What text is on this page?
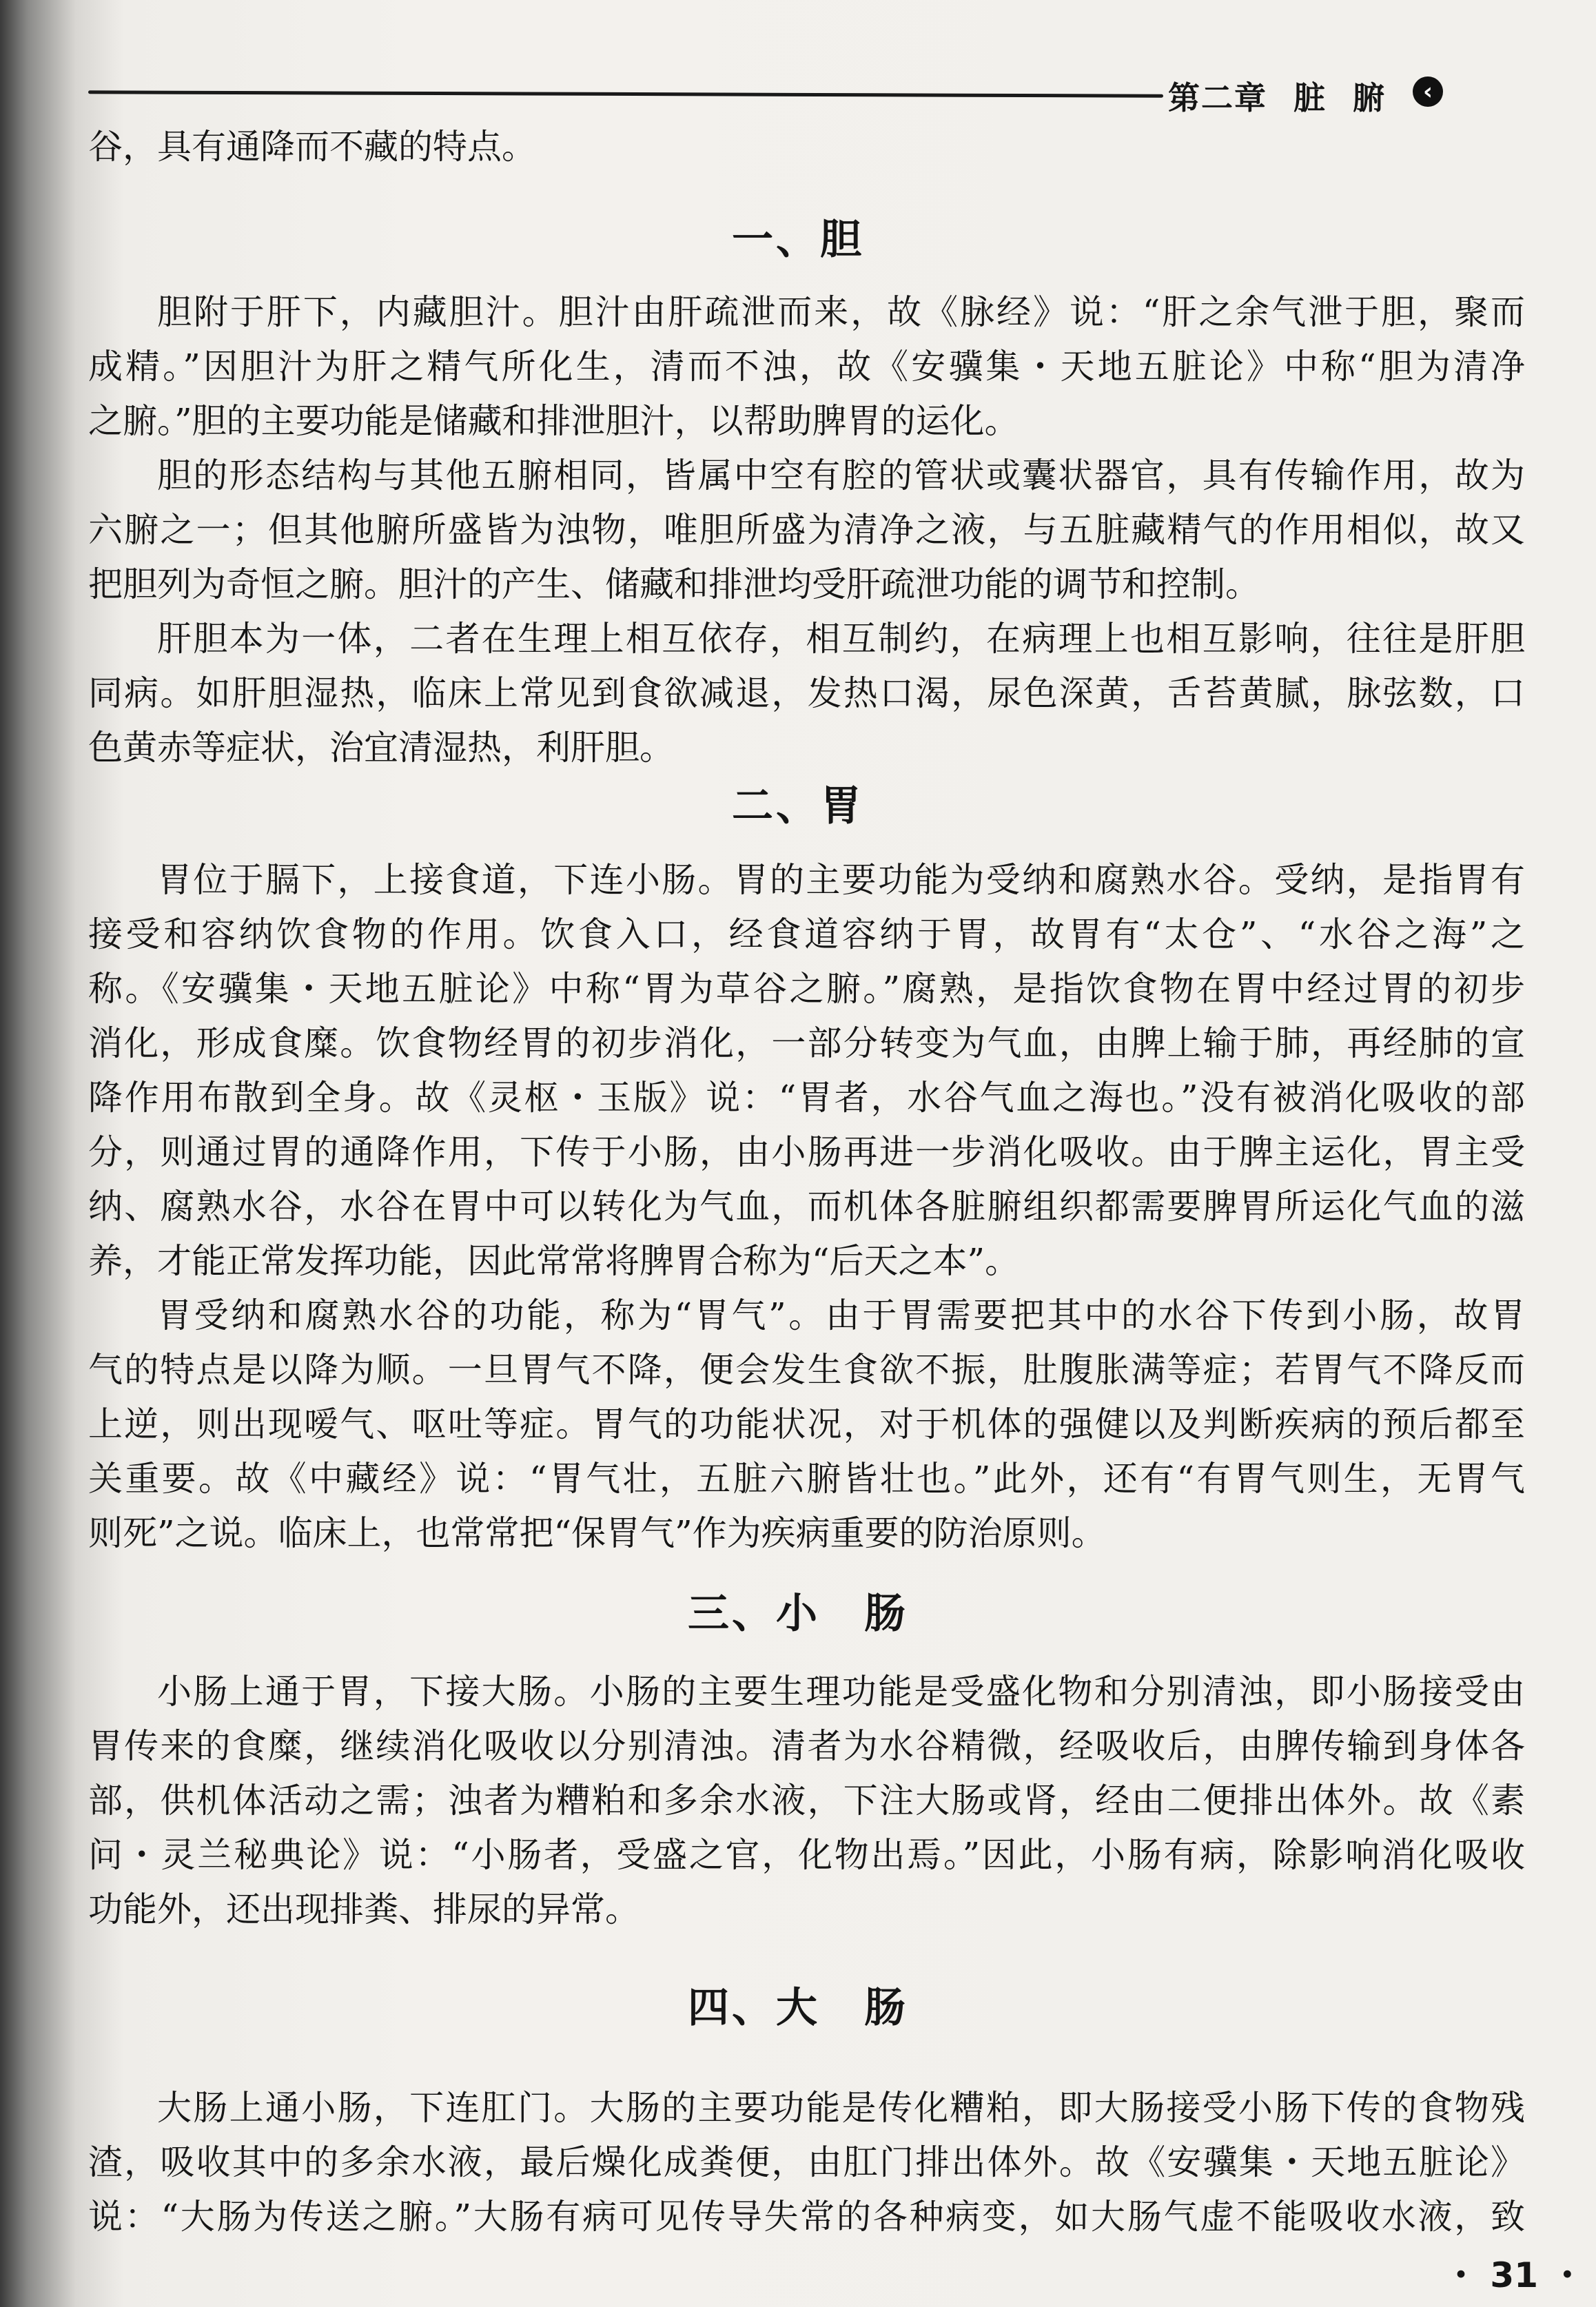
第二章 脏 腑	‹
谷，具有通降而不藏的特点。
一、胆
胆附于肝下，内藏胆汁。胆汁由肝疏泄而来，故《脉经》说：“肝之余气泄于胆，聚而
成精。”因胆汁为肝之精气所化生，清而不浊，故《安骥集・天地五脏论》中称“胆为清净
之腑。”胆的主要功能是储藏和排泄胆汁，以帮助脾胃的运化。
胆的形态结构与其他五腑相同，皆属中空有腔的管状或囊状器官，具有传输作用，故为
六腑之一；但其他腑所盛皆为浊物，唯胆所盛为清净之液，与五脏藏精气的作用相似，故又
把胆列为奇恒之腑。胆汁的产生、储藏和排泄均受肝疏泄功能的调节和控制。
肝胆本为一体，二者在生理上相互依存，相互制约，在病理上也相互影响，往往是肝胆
同病。如肝胆湿热，临床上常见到食欲减退，发热口渴，尿色深黄，舌苔黄腻，脉弦数，口
色黄赤等症状，治宜清湿热，利肝胆。
二、胃
胃位于膈下，上接食道，下连小肠。胃的主要功能为受纳和腐熟水谷。受纳，是指胃有
接受和容纳饮食物的作用。饮食入口，经食道容纳于胃，故胃有“太仓”、“水谷之海”之
称。《安骥集・天地五脏论》中称“胃为草谷之腑。”腐熟，是指饮食物在胃中经过胃的初步
消化，形成食糜。饮食物经胃的初步消化，一部分转变为气血，由脾上输于肺，再经肺的宣
降作用布散到全身。故《灵枢・玉版》说：“胃者，水谷气血之海也。”没有被消化吸收的部
分，则通过胃的通降作用，下传于小肠，由小肠再进一步消化吸收。由于脾主运化，胃主受
纳、腐熟水谷，水谷在胃中可以转化为气血，而机体各脏腑组织都需要脾胃所运化气血的滋
养，才能正常发挥功能，因此常常将脾胃合称为“后天之本”。
胃受纳和腐熟水谷的功能，称为“胃气”。由于胃需要把其中的水谷下传到小肠，故胃
气的特点是以降为顺。一旦胃气不降，便会发生食欲不振，肚腹胀满等症；若胃气不降反而
上逆，则出现嗳气、呕吐等症。胃气的功能状况，对于机体的强健以及判断疾病的预后都至
关重要。故《中藏经》说：“胃气壮，五脏六腑皆壮也。”此外，还有“有胃气则生，无胃气
则死”之说。临床上，也常常把“保胃气”作为疾病重要的防治原则。
三、小　肠
小肠上通于胃，下接大肠。小肠的主要生理功能是受盛化物和分别清浊，即小肠接受由
胃传来的食糜，继续消化吸收以分别清浊。清者为水谷精微，经吸收后，由脾传输到身体各
部，供机体活动之需；浊者为糟粕和多余水液，下注大肠或肾，经由二便排出体外。故《素
问・灵兰秘典论》说：“小肠者，受盛之官，化物出焉。”因此，小肠有病，除影响消化吸收
功能外，还出现排粪、排尿的异常。
四、大　肠
大肠上通小肠，下连肛门。大肠的主要功能是传化糟粕，即大肠接受小肠下传的食物残
渣，吸收其中的多余水液，最后燥化成粪便，由肛门排出体外。故《安骥集・天地五脏论》
说：“大肠为传送之腑。”大肠有病可见传导失常的各种病变，如大肠气虚不能吸收水液，致
・ 31 ・
